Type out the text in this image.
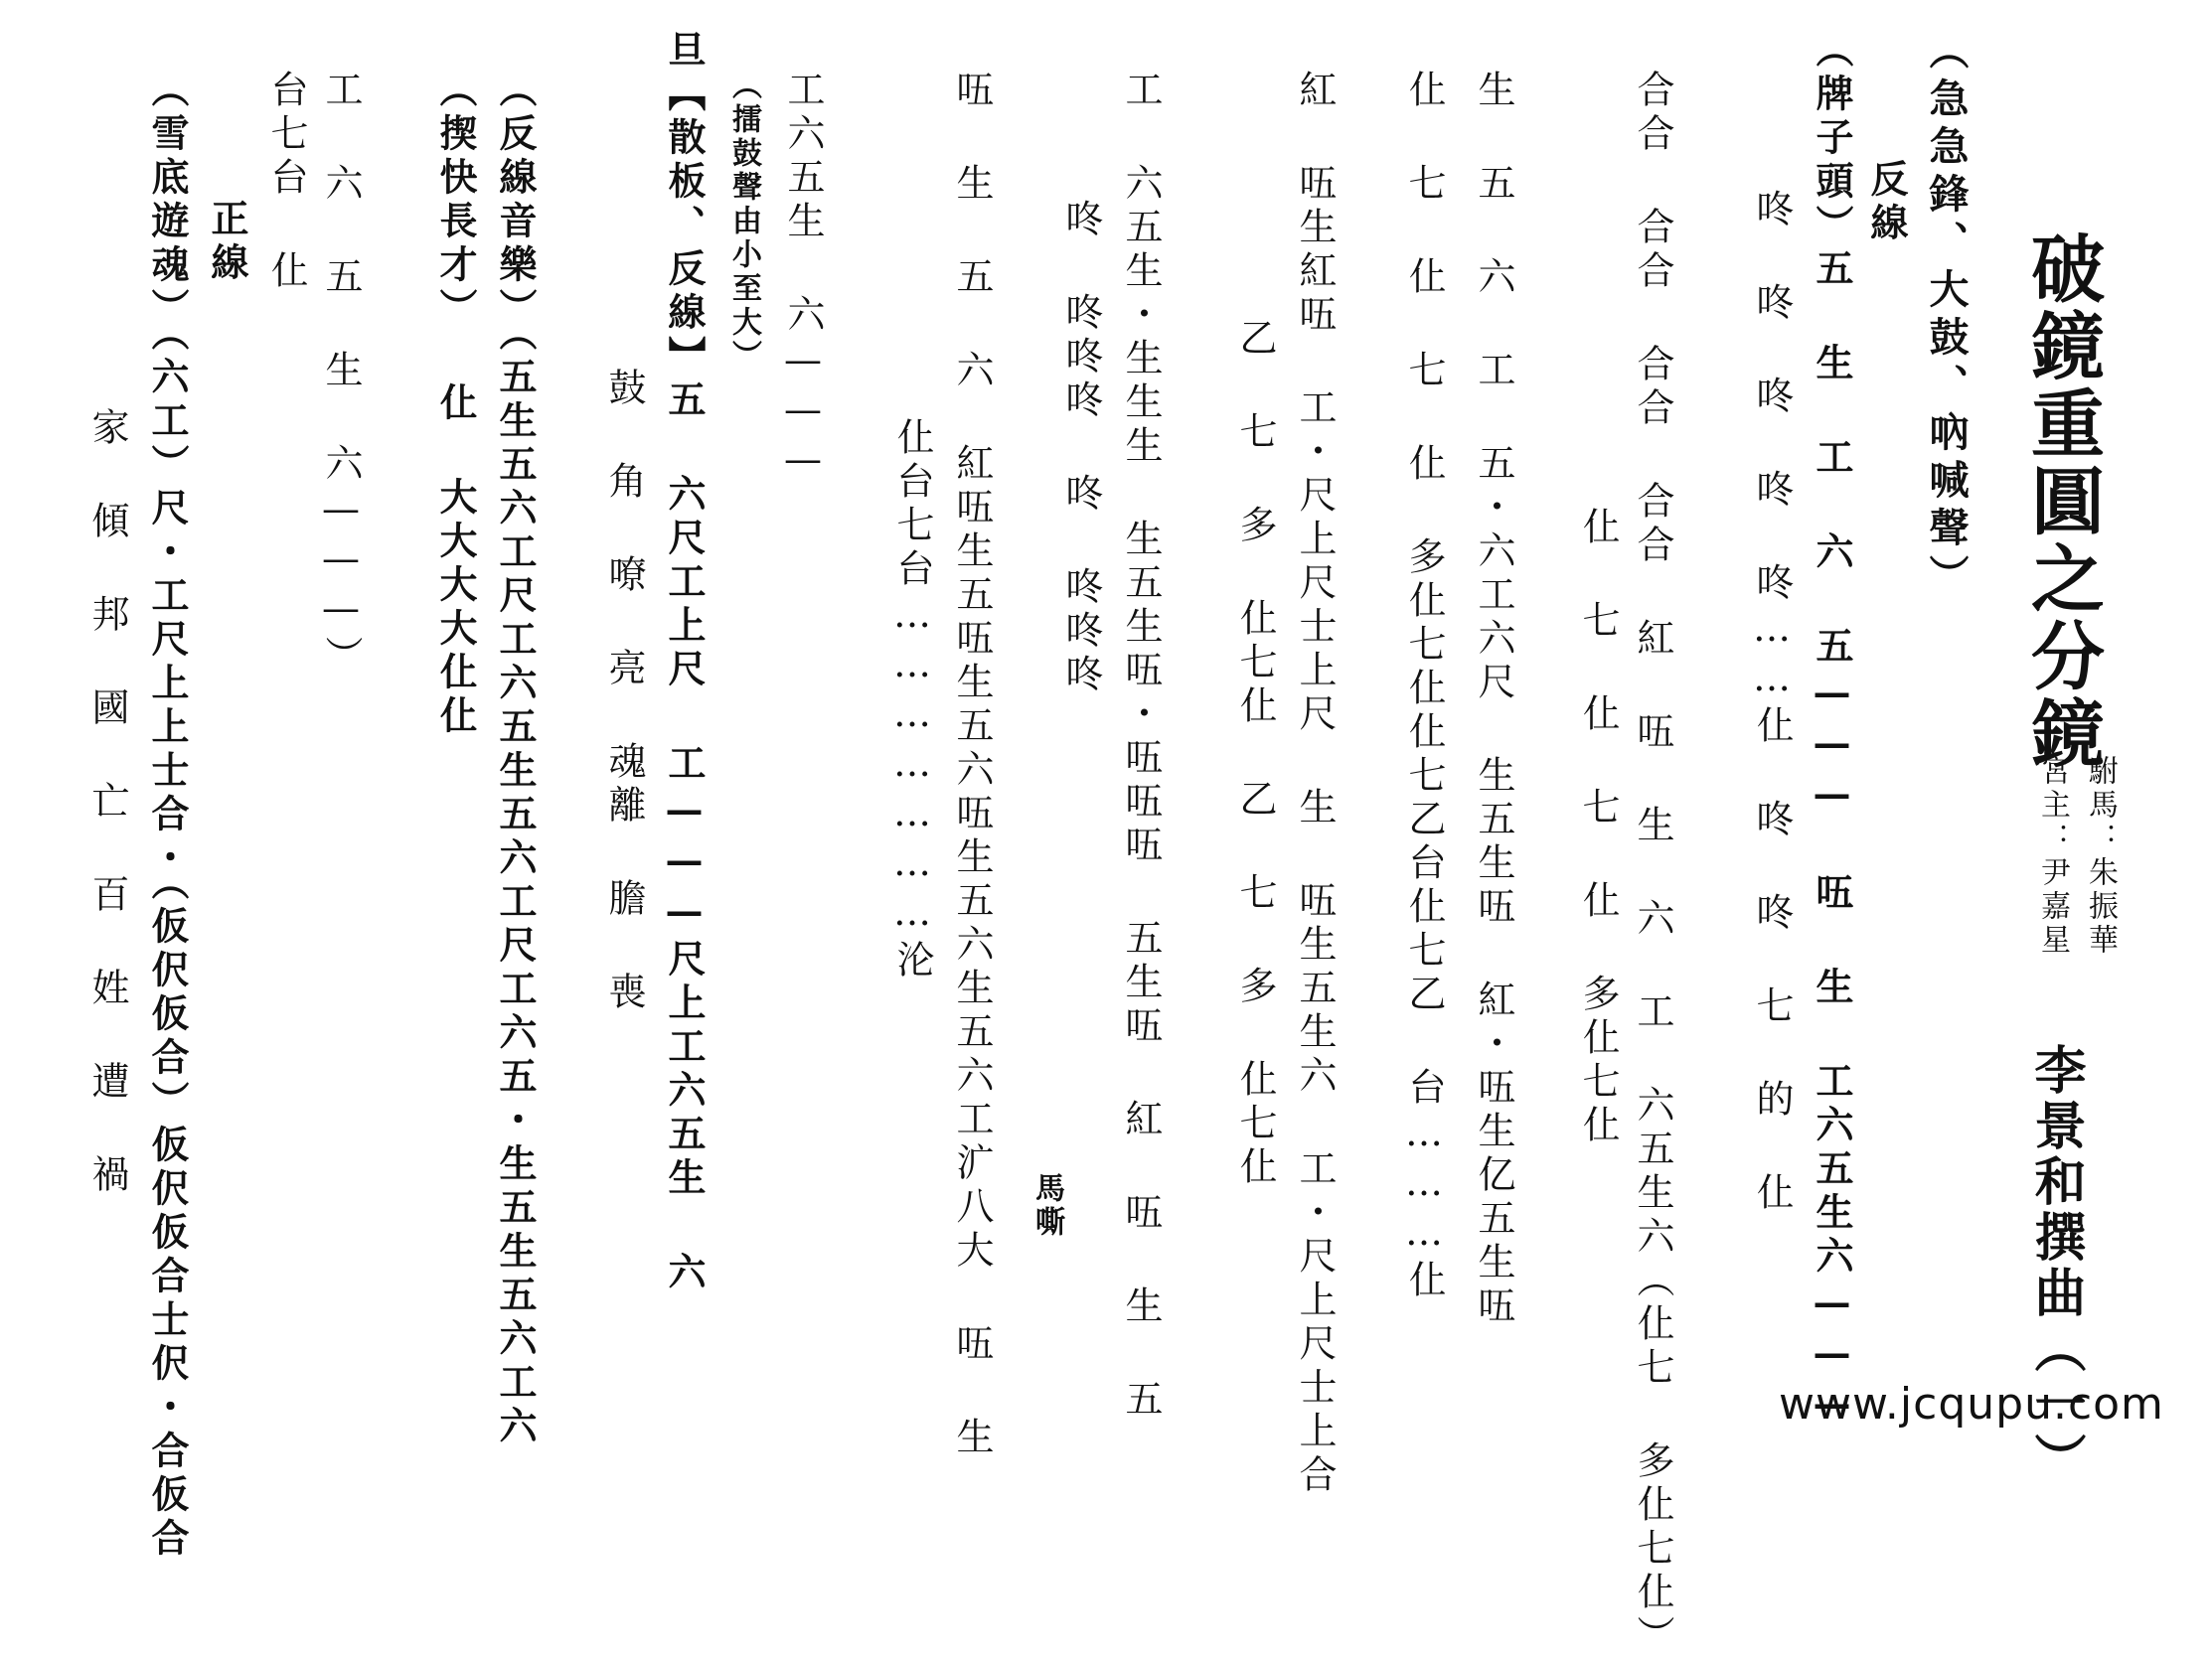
破鏡重圓之分鏡
駙馬：朱振華
宮主：尹嘉星
李景和撰曲（一）
（急急鋒、大鼓、吶喊聲）
（牌子頭）五 生 工 六 五——— 㕶 生 工六五生六——— 反線
咚 咚 咚 咚 咚……仩 咚 咚 七 的 仩
合合 合合 合合 合合 紅 㕶 生 六 工 六五生六（仩七 多仩七仩）
仩 七 仩 七 仩 多仩七仩
生 五 六 工 五・六工六尺 生五生㕶 紅・㕶生亿五生㕶
仩 七 仩 七 仩 多仩七仩仩七乙台仩七乙 台………仩
乙 七 多 仩七仩 乙 七 多 仩七仩 紅 㕶生紅㕶 工・尺上尺士上尺 生 㕶生五生六 工・尺上尺士上合
工 六五生・生生生 生五生㕶・㕶㕶㕶 五生㕶 紅 㕶 生 五
咚 咚咚咚 咚 咚咚咚
㕶 生 五 六 紅㕶生五㕶生五六㕶生五六生五六工㲿八大 㕶 生
仩台七台…………………沦
馬嘶
工六五生 六———
（擂鼓聲由小至大）
旦【散板、反線】五 六尺工上尺 工———尺上工六五生 六
鼓 角 嘹 亮 魂離 膽 喪
（反線音樂）（五生五六工尺工六五生五六工尺工六五・生五生五六工六
（揳快長才） 仩 大大大大仩仩
工 六 五 生 六———）
台七台 仩
正線
（雪底遊魂）（六工）尺・工尺上上士合・（仮伬仮合）仮伬仮合士伬・合仮合
家 傾 邦 國 亡 百 姓 遭 禍
www.jcqupu.com
